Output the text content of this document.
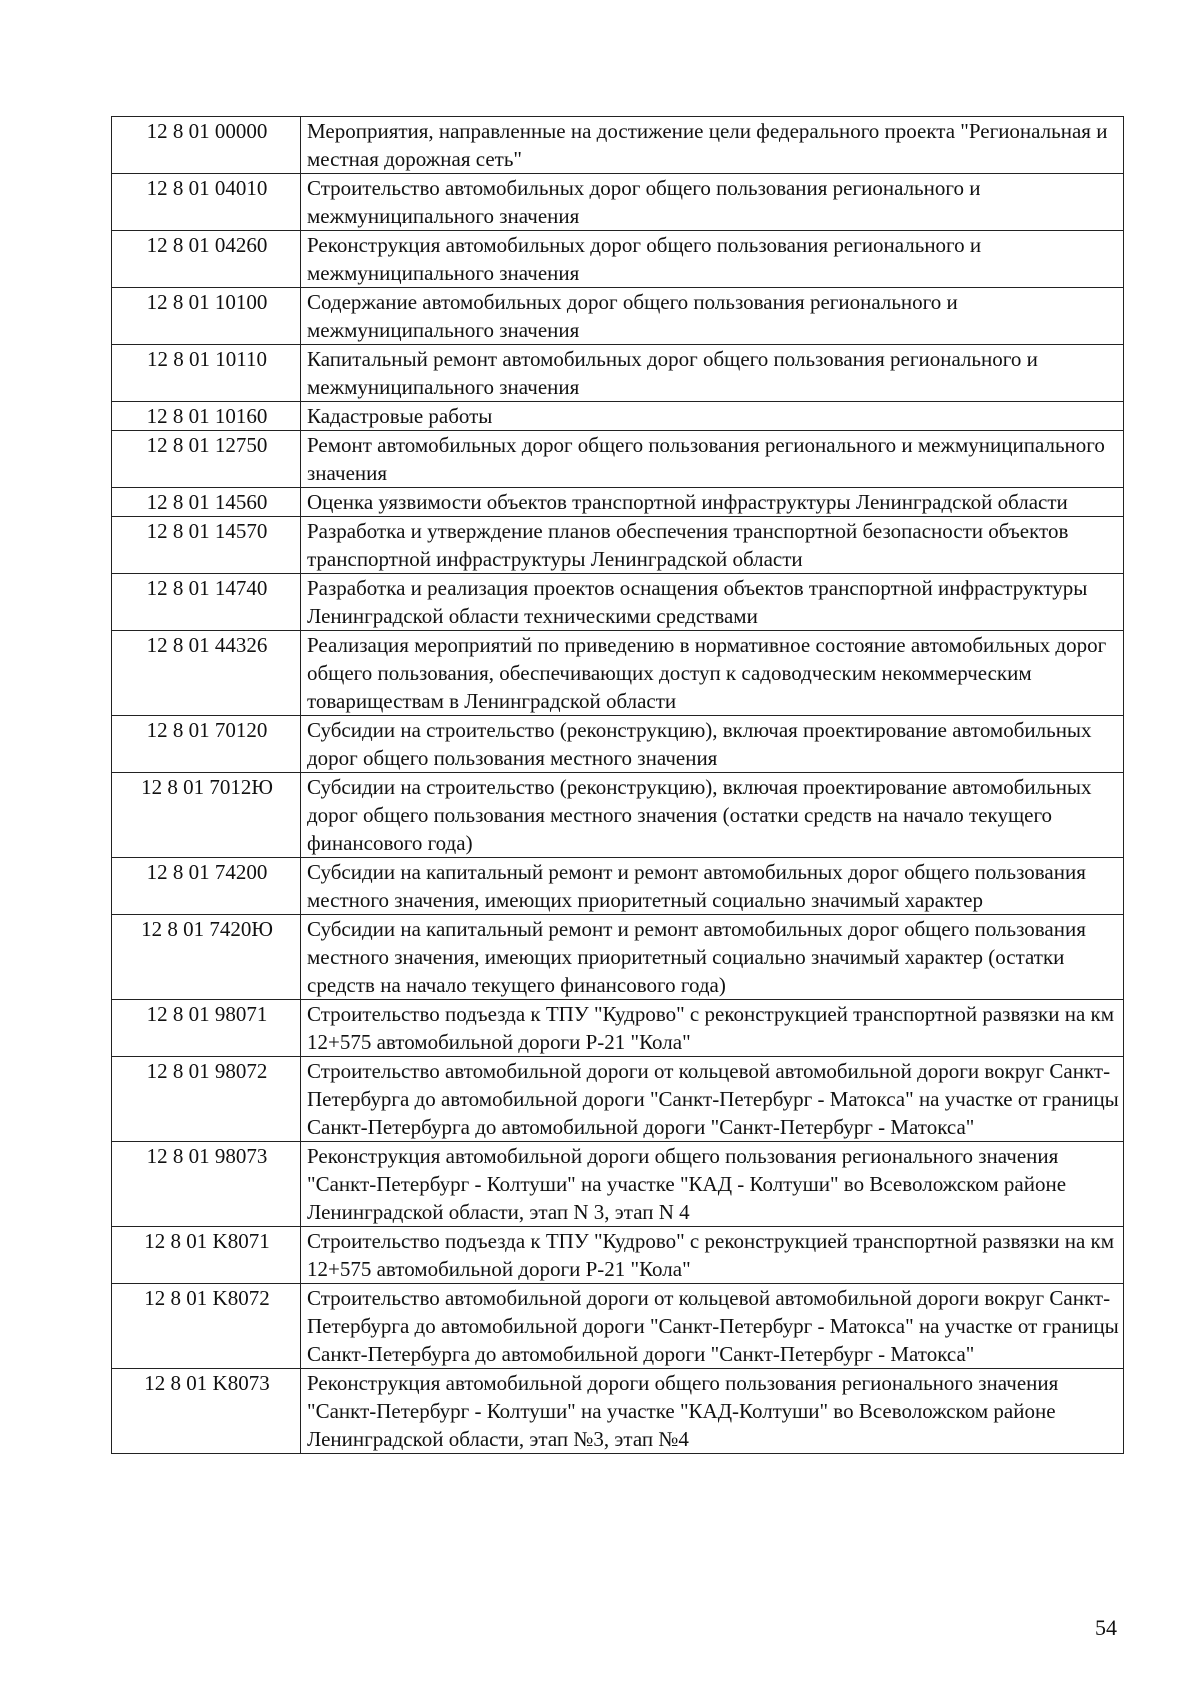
12 8 01 00000	Мероприятия, направленные на достижение цели федерального проекта "Региональная и местная дорожная сеть"
12 8 01 04010	Строительство автомобильных дорог общего пользования регионального и межмуниципального значения
12 8 01 04260	Реконструкция автомобильных дорог общего пользования регионального и межмуниципального значения
12 8 01 10100	Содержание автомобильных дорог общего пользования регионального и межмуниципального значения
12 8 01 10110	Капитальный ремонт автомобильных дорог общего пользования регионального и межмуниципального значения
12 8 01 10160	Кадастровые работы
12 8 01 12750	Ремонт автомобильных дорог общего пользования регионального и межмуниципального значения
12 8 01 14560	Оценка уязвимости объектов транспортной инфраструктуры Ленинградской области
12 8 01 14570	Разработка и утверждение планов обеспечения транспортной безопасности объектов транспортной инфраструктуры Ленинградской области
12 8 01 14740	Разработка и реализация проектов оснащения объектов транспортной инфраструктуры Ленинградской области техническими средствами
12 8 01 44326	Реализация мероприятий по приведению в нормативное состояние автомобильных дорог общего пользования, обеспечивающих доступ к садоводческим некоммерческим товариществам в Ленинградской области
12 8 01 70120	Субсидии на строительство (реконструкцию), включая проектирование автомобильных дорог общего пользования местного значения
12 8 01 7012Ю	Субсидии на строительство (реконструкцию), включая проектирование автомобильных дорог общего пользования местного значения (остатки средств на начало текущего финансового года)
12 8 01 74200	Субсидии на капитальный ремонт и ремонт автомобильных дорог общего пользования местного значения, имеющих приоритетный социально значимый характер
12 8 01 7420Ю	Субсидии на капитальный ремонт и ремонт автомобильных дорог общего пользования местного значения, имеющих приоритетный социально значимый характер (остатки средств на начало текущего финансового года)
12 8 01 98071	Строительство подъезда к ТПУ "Кудрово" с реконструкцией транспортной развязки на км 12+575 автомобильной дороги Р-21 "Кола"
12 8 01 98072	Строительство автомобильной дороги от кольцевой автомобильной дороги вокруг Санкт-Петербурга до автомобильной дороги "Санкт-Петербург - Матокса" на участке от границы Санкт-Петербурга до автомобильной дороги "Санкт-Петербург - Матокса"
12 8 01 98073	Реконструкция автомобильной дороги общего пользования регионального значения "Санкт-Петербург - Колтуши" на участке "КАД - Колтуши" во Всеволожском районе Ленинградской области, этап N 3, этап N 4
12 8 01 K8071	Строительство подъезда к ТПУ "Кудрово" с реконструкцией транспортной развязки на км 12+575 автомобильной дороги Р-21 "Кола"
12 8 01 K8072	Строительство автомобильной дороги от кольцевой автомобильной дороги вокруг Санкт-Петербурга до автомобильной дороги "Санкт-Петербург - Матокса" на участке от границы Санкт-Петербурга до автомобильной дороги "Санкт-Петербург - Матокса"
12 8 01 K8073	Реконструкция автомобильной дороги общего пользования регионального значения "Санкт-Петербург - Колтуши" на участке "КАД-Колтуши" во Всеволожском районе Ленинградской области, этап №3, этап №4
54
